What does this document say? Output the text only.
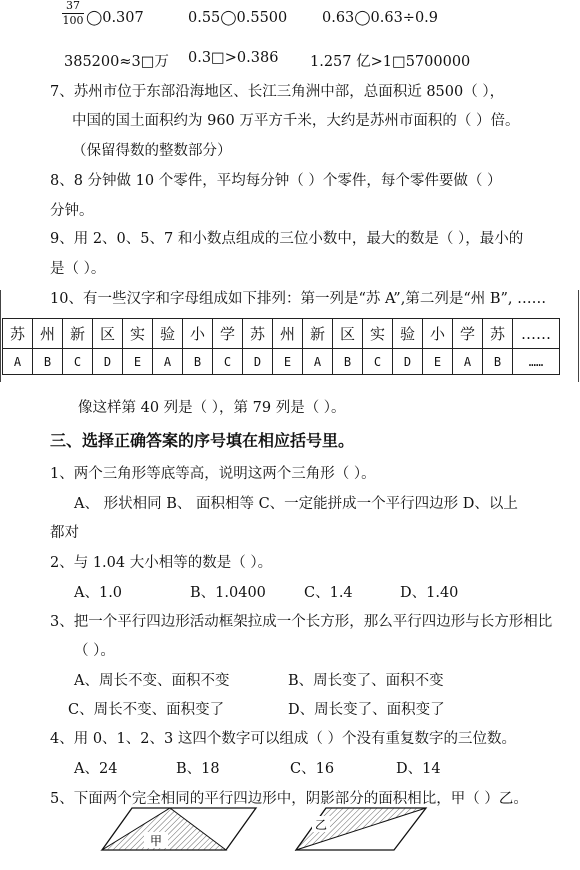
37
100 ◯0.307	0.55◯0.5500 0.63◯0.63÷0.9
385200≈3□万 0.3□>0.386 1.257 亿>1□5700000
7、苏州市位于东部沿海地区、长江三角洲中部，总面积近 8500（ ），
中国的国土面积约为 960 万平方千米，大约是苏州市面积的（ ）倍。
（保留得数的整数部分）
8、8 分钟做 10 个零件，平均每分钟（ ）个零件，每个零件要做（ ）
分钟。
9、用 2、0、5、7 和小数点组成的三位小数中，最大的数是（ ），最小的
是（ ）。
10、有一些汉字和字母组成如下排列：第一列是“苏 A”,第二列是“州 B”, ……
苏	州	新	区	实	验	小	学	苏	州	新	区	实	验	小	学	苏	……
A	B	C	D	E	A	B	C	D	E	A	B	C	D	E	A	B	……
像这样第 40 列是（ ），第 79 列是（ ）。
三、选择正确答案的序号填在相应括号里。
1、两个三角形等底等高，说明这两个三角形（ ）。
A、 形状相同 B、 面积相等 C、一定能拼成一个平行四边形 D、以上
都对
2、与 1.04 大小相等的数是（ ）。
A、1.0	B、1.0400	C、1.4	D、1.40
3、把一个平行四边形活动框架拉成一个长方形，那么平行四边形与长方形相比
（ ）。
A、周长不变、面积不变	B、周长变了、面积不变
C、周长不变、面积变了	D、周长变了、面积变了
4、用 0、1、2、3 这四个数字可以组成（ ）个没有重复数字的三位数。
A、24	B、18	C、16	D、14
5、下面两个完全相同的平行四边形中，阴影部分的面积相比，甲（ ）乙。
甲
乙
